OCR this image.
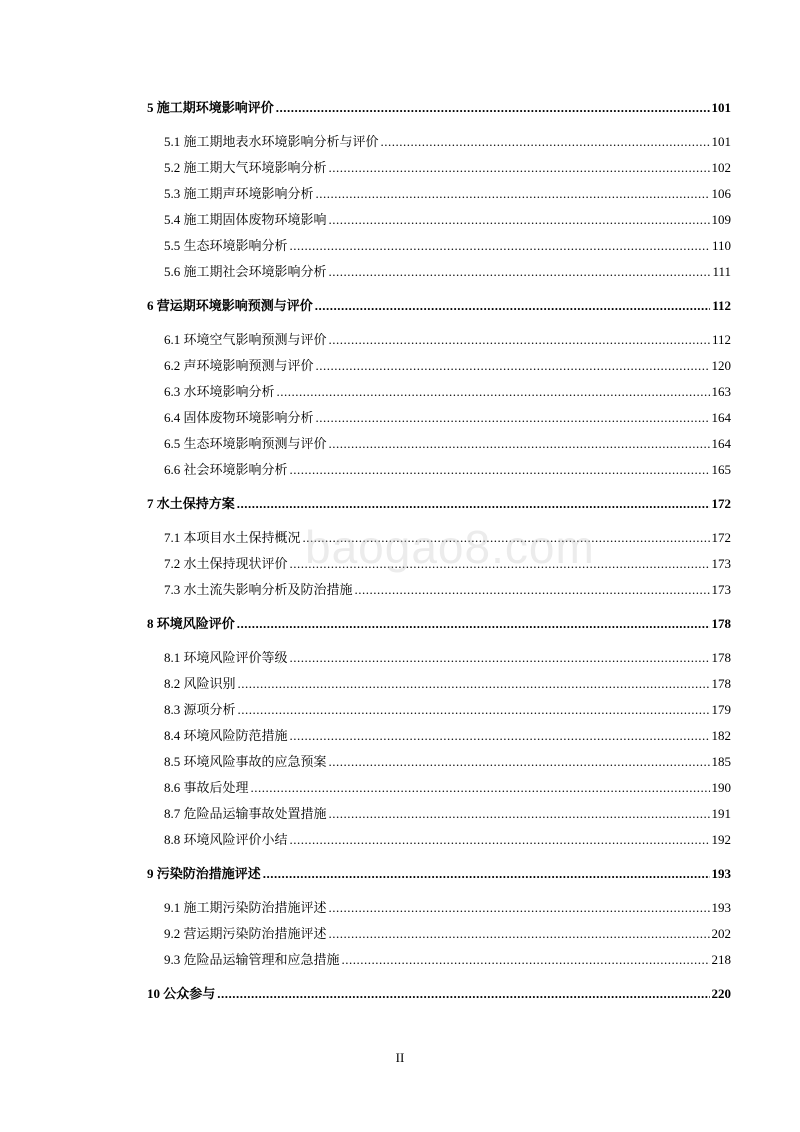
5 施工期环境影响评价 .....	101
5.1 施工期地表水环境影响分析与评价 .....	101
5.2 施工期大气环境影响分析 .....	102
5.3 施工期声环境影响分析 .....	106
5.4 施工期固体废物环境影响 .....	109
5.5 生态环境影响分析 .....	110
5.6 施工期社会环境影响分析 .....	111
6 营运期环境影响预测与评价 .....	112
6.1 环境空气影响预测与评价 .....	112
6.2 声环境影响预测与评价 .....	120
6.3 水环境影响分析 .....	163
6.4 固体废物环境影响分析 .....	164
6.5 生态环境影响预测与评价 .....	164
6.6 社会环境影响分析 .....	165
7 水土保持方案 .....	172
7.1 本项目水土保持概况 .....	172
7.2 水土保持现状评价 .....	173
7.3 水土流失影响分析及防治措施 .....	173
8 环境风险评价 .....	178
8.1 环境风险评价等级 .....	178
8.2 风险识别 .....	178
8.3 源项分析 .....	179
8.4 环境风险防范措施 .....	182
8.5 环境风险事故的应急预案 .....	185
8.6 事故后处理 .....	190
8.7 危险品运输事故处置措施 .....	191
8.8 环境风险评价小结 .....	192
9 污染防治措施评述 .....	193
9.1 施工期污染防治措施评述 .....	193
9.2 营运期污染防治措施评述 .....	202
9.3 危险品运输管理和应急措施 .....	218
10 公众参与 .....	220
baogao8.com
II
